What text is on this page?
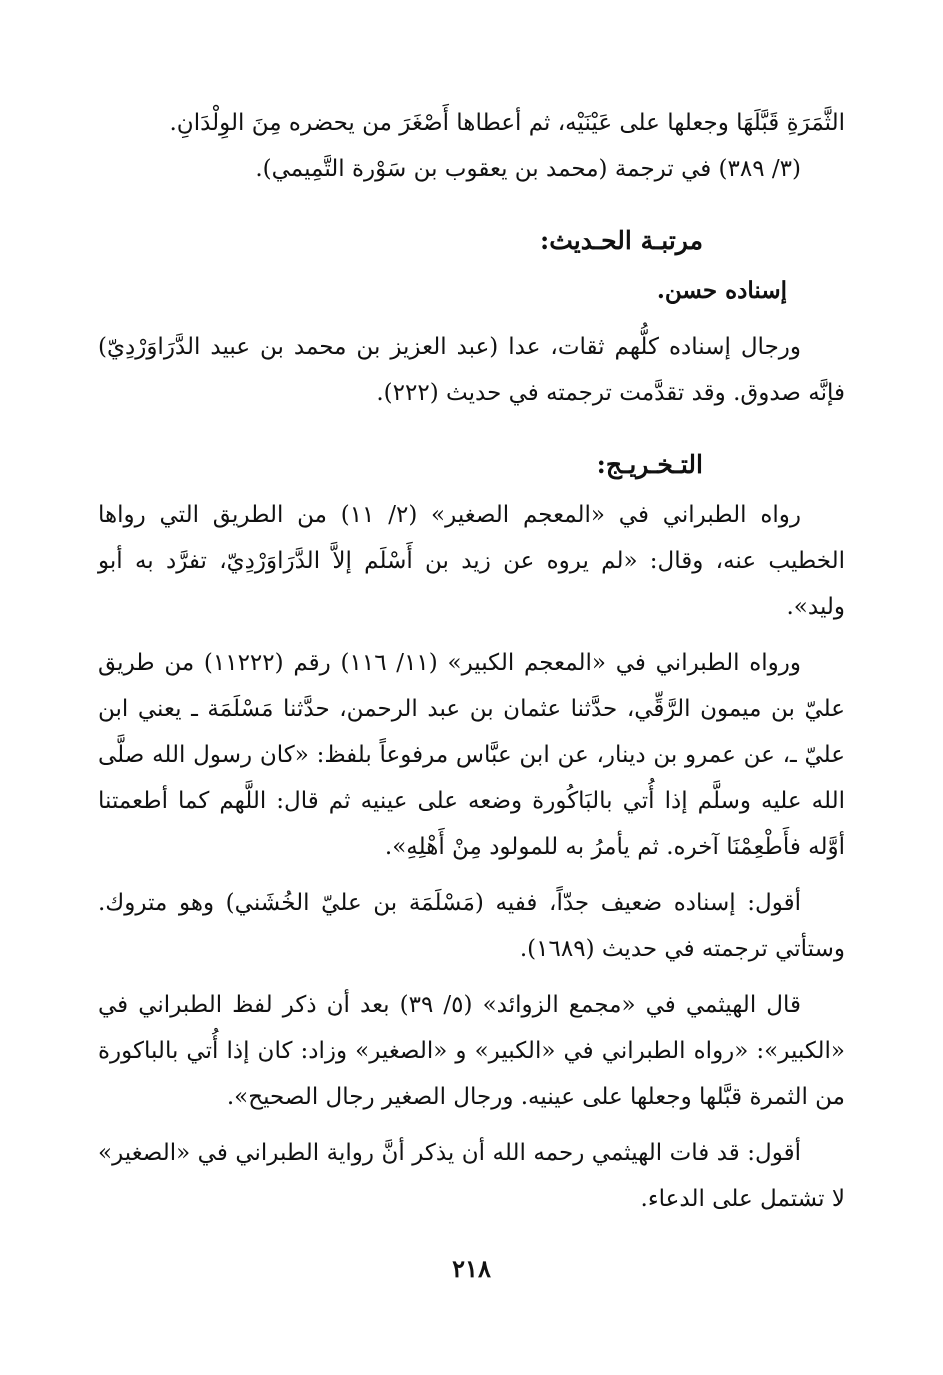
الثَّمَرَةِ قَبَّلَهَا وجعلها على عَيْنَيْه، ثم أعطاها أَصْغَرَ من يحضره مِنَ الوِلْدَانِ.

(٣/ ٣٨٩) في ترجمة (محمد بن يعقوب بن سَوْرة التَّمِيمي).

مرتبـة الحـديث:

إسناده حسن.

ورجال إسناده كلُّهم ثقات، عدا (عبد العزيز بن محمد بن عبيد الدَّرَاوَرْدِيّ) فإنَّه صدوق. وقد تقدَّمت ترجمته في حديث (٢٢٢).

التـخـريـج:

رواه الطبراني في «المعجم الصغير» (٢/ ١١) من الطريق التي رواها الخطيب عنه، وقال: «لم يروه عن زيد بن أَسْلَم إلاَّ الدَّرَاوَرْدِيّ، تفرَّد به أبو وليد».

ورواه الطبراني في «المعجم الكبير» (١١/ ١١٦) رقم (١١٢٢٢) من طريق عليّ بن ميمون الرَّقِّي، حدَّثنا عثمان بن عبد الرحمن، حدَّثنا مَسْلَمَة ـ يعني ابن عليّ ـ، عن عمرو بن دينار، عن ابن عبَّاس مرفوعاً بلفظ: «كان رسول الله صلَّى الله عليه وسلَّم إذا أُتي بالبَاكُورة وضعه على عينيه ثم قال: اللَّهم كما أطعمتنا أوَّله فأَطْعِمْنَا آخره. ثم يأمرُ به للمولود مِنْ أَهْلِهِ».

أقول: إسناده ضعيف جدّاً، ففيه (مَسْلَمَة بن عليّ الخُشَني) وهو متروك. وستأتي ترجمته في حديث (١٦٨٩).

قال الهيثمي في «مجمع الزوائد» (٥/ ٣٩) بعد أن ذكر لفظ الطبراني في «الكبير»: «رواه الطبراني في «الكبير» و «الصغير» وزاد: كان إذا أُتي بالباكورة من الثمرة قبَّلها وجعلها على عينيه. ورجال الصغير رجال الصحيح».

أقول: قد فات الهيثمي رحمه الله أن يذكر أنَّ رواية الطبراني في «الصغير» لا تشتمل على الدعاء.

٢١٨
